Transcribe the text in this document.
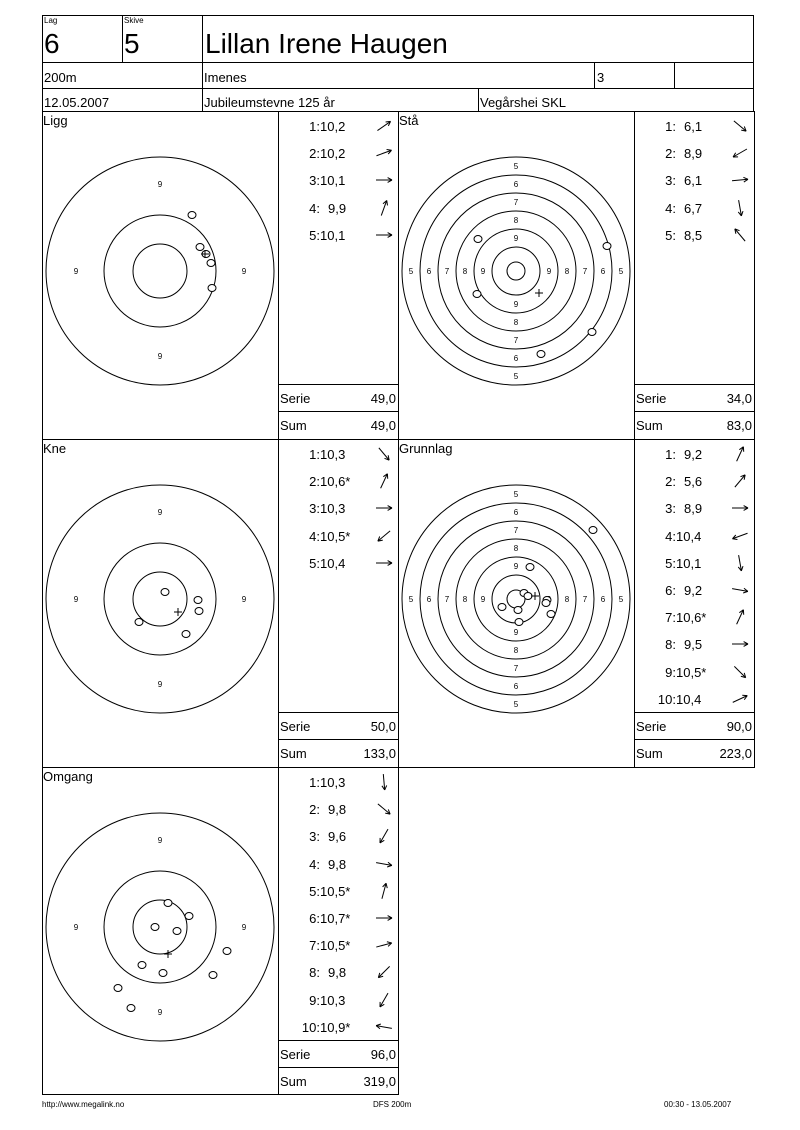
Lag
6
Skive
5 Lillan Irene Haugen
200m	Imenes	3
12.05.2007	Jubileumstevne 125 år	Vegårshei SKL
Ligg
9
9
9	9
1:10,2
2:10,2
3:10,1
4: 9,9
5:10,1
Serie	49,0
Sum	49,0
Stå
5
5
5	5
6
6
6	6
7
7
7	7
8
8
8	8
9
9
9	9
1: 6,1
2: 8,9
3: 6,1
4: 6,7
5: 8,5
Serie	34,0
Sum	83,0
Kne
9
9
9	9
1:10,3
2:10,6*
3:10,3
4:10,5*
5:10,4
Serie	50,0
Sum	133,0
Grunnlag
5
5
5	5
6
6
6	6
7
7
7	7
8
8
8	8
9
9
9
1: 9,2
2: 5,6
3: 8,9
4:10,4
5:10,1
6: 9,2
7:10,6*
8: 9,5
9:10,5*
10:10,4
Serie	90,0
Sum	223,0
Omgang
9
9
9	9
1:10,3
2: 9,8
3: 9,6
4: 9,8
5:10,5*
6:10,7*
7:10,5*
8: 9,8
9:10,3
10:10,9*
Serie	96,0
Sum	319,0
http://www.megalink.no	DFS 200m	00:30 - 13.05.2007
